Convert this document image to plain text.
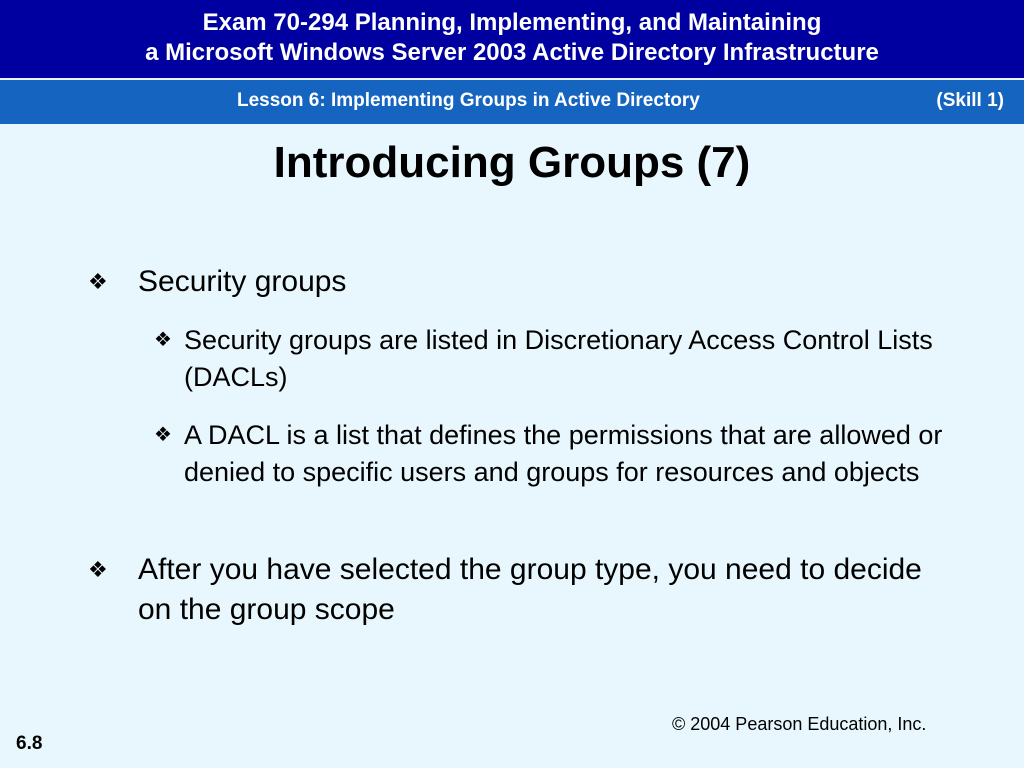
Exam 70-294 Planning, Implementing, and Maintaining
a Microsoft Windows Server 2003 Active Directory Infrastructure
Lesson 6: Implementing Groups in Active Directory	(Skill 1)
Introducing Groups (7)
❖ Security groups
❖ Security groups are listed in Discretionary Access Control Lists (DACLs)
❖ A DACL is a list that defines the permissions that are allowed or denied to specific users and groups for resources and objects
❖ After you have selected the group type, you need to decide on the group scope
© 2004 Pearson Education, Inc.
6.8
